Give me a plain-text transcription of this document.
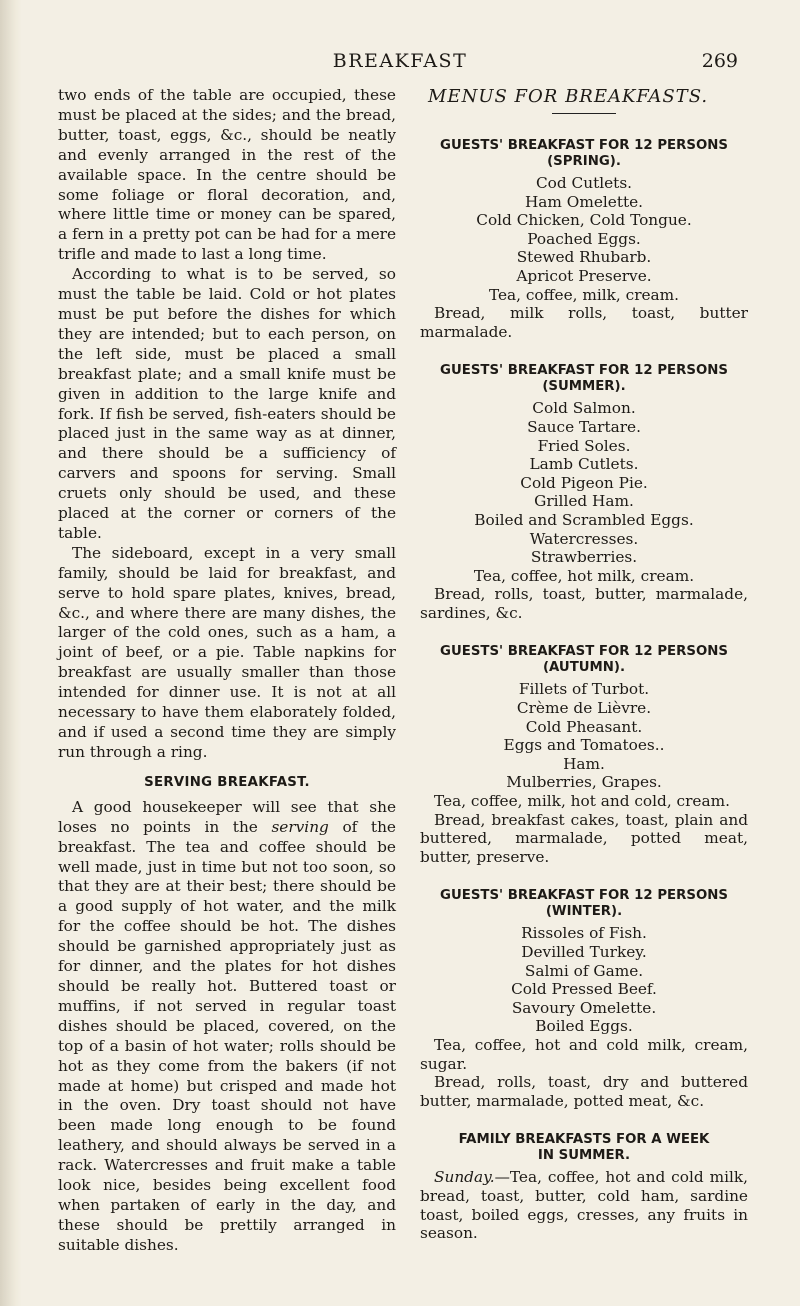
BREAKFAST	269

two ends of the table are occupied, these must be placed at the sides; and the bread, butter, toast, eggs, &c., should be neatly and evenly arranged in the rest of the available space. In the centre should be some foliage or floral decoration, and, where little time or money can be spared, a fern in a pretty pot can be had for a mere trifle and made to last a long time.

According to what is to be served, so must the table be laid. Cold or hot plates must be put before the dishes for which they are intended; but to each person, on the left side, must be placed a small breakfast plate; and a small knife must be given in addition to the large knife and fork. If fish be served, fish-eaters should be placed just in the same way as at dinner, and there should be a sufficiency of carvers and spoons for serving. Small cruets only should be used, and these placed at the corner or corners of the table.

The sideboard, except in a very small family, should be laid for breakfast, and serve to hold spare plates, knives, bread, &c., and where there are many dishes, the larger of the cold ones, such as a ham, a joint of beef, or a pie. Table napkins for breakfast are usually smaller than those intended for dinner use. It is not at all necessary to have them elaborately folded, and if used a second time they are simply run through a ring.

SERVING BREAKFAST.

A good housekeeper will see that she loses no points in the serving of the breakfast. The tea and coffee should be well made, just in time but not too soon, so that they are at their best; there should be a good supply of hot water, and the milk for the coffee should be hot. The dishes should be garnished appropriately just as for dinner, and the plates for hot dishes should be really hot. Buttered toast or muffins, if not served in regular toast dishes should be placed, covered, on the top of a basin of hot water; rolls should be hot as they come from the bakers (if not made at home) but crisped and made hot in the oven. Dry toast should not have been made long enough to be found leathery, and should always be served in a rack. Watercresses and fruit make a table look nice, besides being excellent food when partaken of early in the day, and these should be prettily arranged in suitable dishes.

MENUS FOR BREAKFASTS.
GUESTS' BREAKFAST FOR 12 PERSONS
(SPRING).
Cod Cutlets.
Ham Omelette.
Cold Chicken, Cold Tongue.
Poached Eggs.
Stewed Rhubarb.
Apricot Preserve.
Tea, coffee, milk, cream.
Bread, milk rolls, toast, butter marmalade.
GUESTS' BREAKFAST FOR 12 PERSONS
(SUMMER).
Cold Salmon.
Sauce Tartare.
Fried Soles.
Lamb Cutlets.
Cold Pigeon Pie.
Grilled Ham.
Boiled and Scrambled Eggs.
Watercresses.
Strawberries.
Tea, coffee, hot milk, cream.
Bread, rolls, toast, butter, marmalade, sardines, &c.
GUESTS' BREAKFAST FOR 12 PERSONS
(AUTUMN).
Fillets of Turbot.
Crème de Lièvre.
Cold Pheasant.
Eggs and Tomatoes..
Ham.
Mulberries, Grapes.
Tea, coffee, milk, hot and cold, cream.
Bread, breakfast cakes, toast, plain and buttered, marmalade, potted meat, butter, preserve.
GUESTS' BREAKFAST FOR 12 PERSONS
(WINTER).
Rissoles of Fish.
Devilled Turkey.
Salmi of Game.
Cold Pressed Beef.
Savoury Omelette.
Boiled Eggs.
Tea, coffee, hot and cold milk, cream, sugar.
Bread, rolls, toast, dry and buttered butter, marmalade, potted meat, &c.
FAMILY BREAKFASTS FOR A WEEK
IN SUMMER.
Sunday.—Tea, coffee, hot and cold milk, bread, toast, butter, cold ham, sardine toast, boiled eggs, cresses, any fruits in season.
